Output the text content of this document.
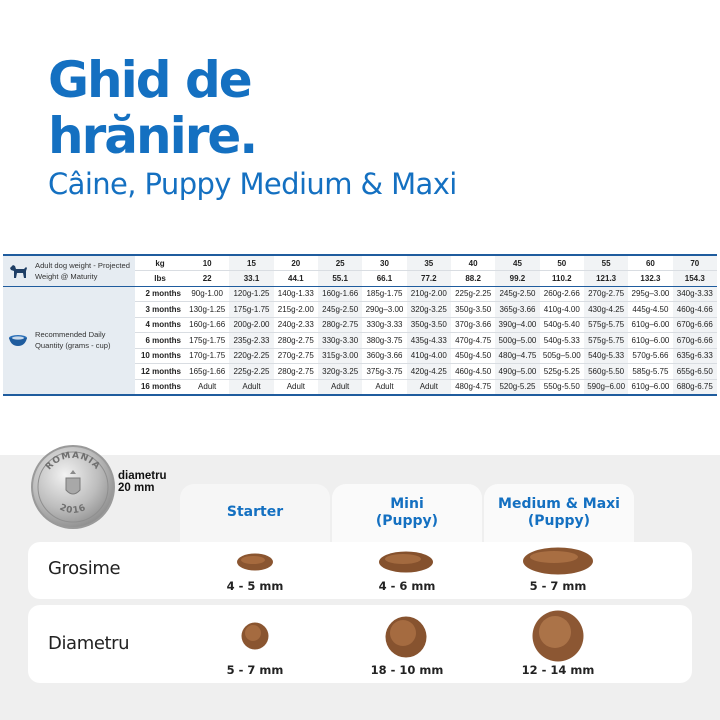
Ghid de
hrănire.
Câine, Puppy Medium & Maxi
Adult dog weight - Projected Weight @ Maturity	kg	10	15	20	25	30	35	40	45	50	55	60	70
	lbs	22	33.1	44.1	55.1	66.1	77.2	88.2	99.2	110.2	121.3	132.3	154.3

Recommended Daily Quantity (grams - cup)	2 months	90g-1.00	120g-1.25	140g-1.33	160g-1.66	185g-1.75	210g-2.00	225g-2.25	245g-2.50	260g-2.66	270g-2.75	295g–3.00	340g-3.33
	3 months	130g-1.25	175g-1.75	215g-2.00	245g-2.50	290g–3.00	320g-3.25	350g-3.50	365g-3.66	410g-4.00	430g-4.25	445g-4.50	460g-4.66
	4 months	160g-1.66	200g-2.00	240g-2.33	280g-2.75	330g-3.33	350g-3.50	370g-3.66	390g–4.00	540g-5.40	575g-5.75	610g–6.00	670g-6.66
	6 months	175g-1.75	235g-2.33	280g-2.75	330g-3.30	380g-3.75	435g-4.33	470g-4.75	500g–5.00	540g-5.33	575g-5.75	610g–6.00	670g-6.66
	10 months	170g-1.75	220g-2.25	270g-2.75	315g-3.00	360g-3.66	410g-4.00	450g-4.50	480g–4.75	505g–5.00	540g-5.33	570g-5.66	635g-6.33
	12 months	165g-1.66	225g-2.25	280g-2.75	320g-3.25	375g-3.75	420g-4.25	460g-4.50	490g–5.00	525g-5.25	560g-5.50	585g-5.75	655g-6.50
	16 months	Adult	Adult	Adult	Adult	Adult	Adult	480g-4.75	520g-5.25	550g-5.50	590g–6.00	610g–6.00	680g-6.75
ROMANIA
2016
diametru
20 mm
Starter	Mini
(Puppy)
Medium & Maxi
(Puppy)
Grosime
4 - 5 mm	4 - 6 mm	5 - 7 mm
Diametru
5 - 7 mm	18 - 10 mm	12 - 14 mm
